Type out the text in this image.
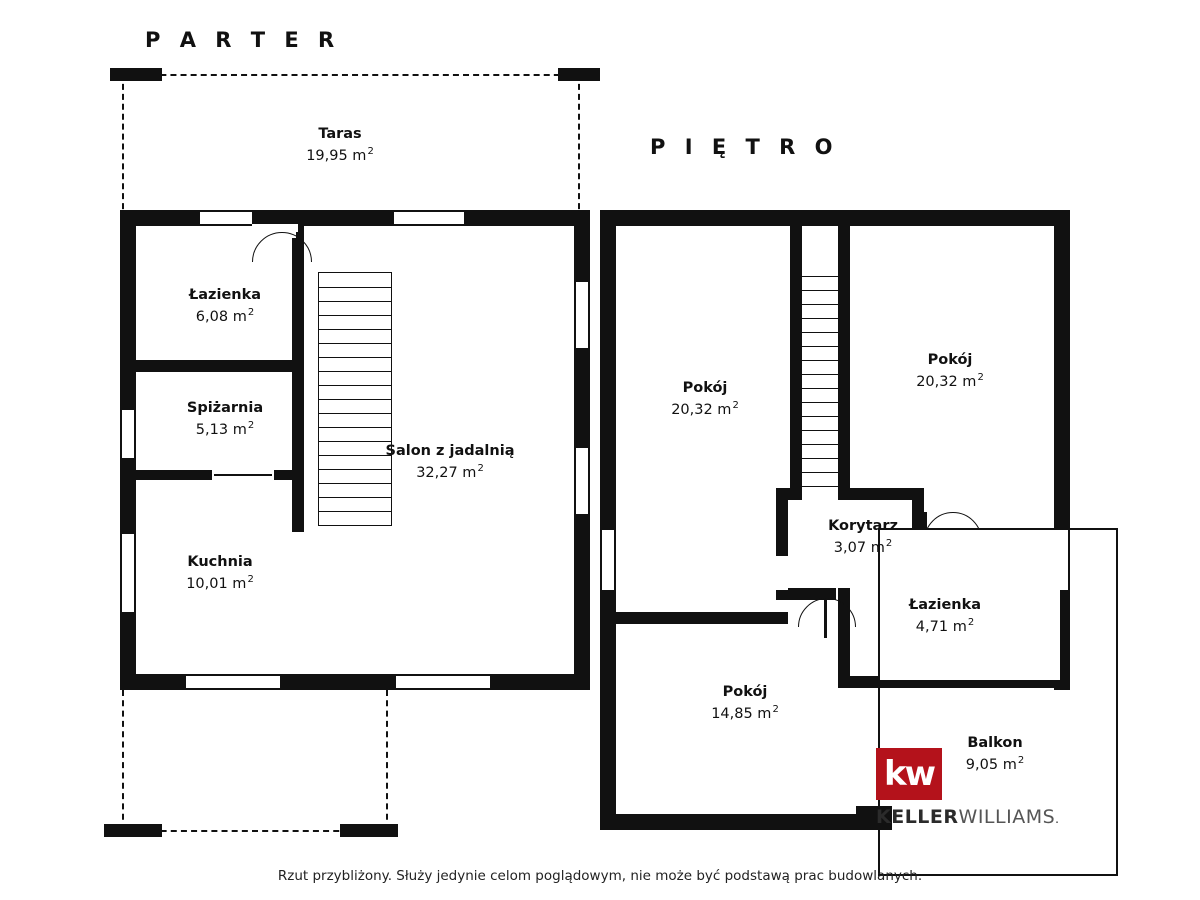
P A R T E R
P I Ę T R O
Taras
19,95 $m^2$
Łazienka
6,08 $m^2$
Spiżarnia
5,13 $m^2$
Salon z jadalnią
32,27 $m^2$
Kuchnia
10,01 $m^2$
Pokój
20,32 $m^2$
Pokój
20,32 $m^2$
Korytarz
3,07 $m^2$
Łazienka
4,71 $m^2$
Pokój
14,85 $m^2$
Balkon
9,05 $m^2$
kw
KELLERWILLIAMS.
Rzut przybliżony. Służy jedynie celom poglądowym, nie może być podstawą prac budowlanych.
